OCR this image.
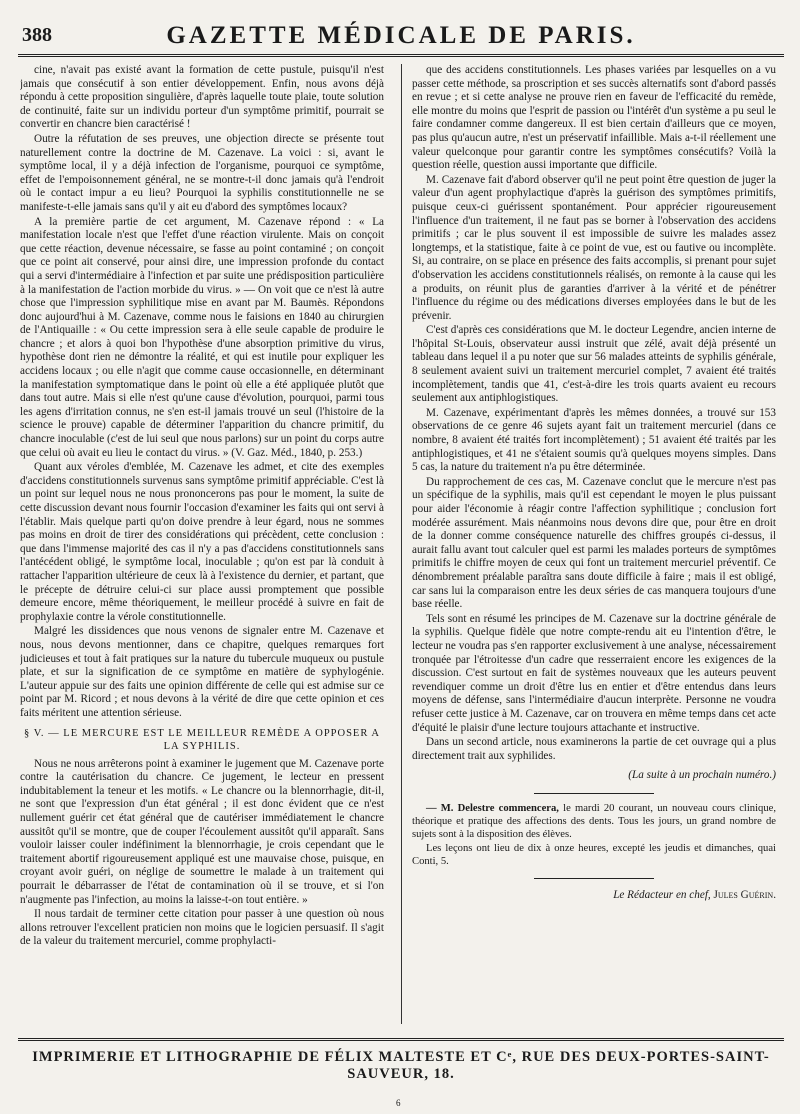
388	GAZETTE MÉDICALE DE PARIS.

cine, n'avait pas existé avant la formation de cette pustule, puisqu'il n'est jamais que consécutif à son entier développement. Enfin, nous avons déjà répondu à cette proposition singulière, d'après laquelle toute plaie, toute solution de continuité, faite sur un individu porteur d'un symptôme primitif, pourrait se convertir en chancre bien caractérisé !

Outre la réfutation de ses preuves, une objection directe se présente tout naturellement contre la doctrine de M. Cazenave. La voici : si, avant le symptôme local, il y a déjà infection de l'organisme, pourquoi ce symptôme, effet de l'empoisonnement général, ne se montre-t-il donc jamais qu'à l'endroit où le contact impur a eu lieu? Pourquoi la syphilis constitutionnelle ne se manifeste-t-elle jamais sans qu'il y ait eu d'abord des symptômes locaux?

A la première partie de cet argument, M. Cazenave répond : « La manifestation locale n'est que l'effet d'une réaction virulente. Mais on conçoit que cette réaction, devenue nécessaire, se fasse au point contaminé ; on conçoit que ce point ait conservé, pour ainsi dire, une impression profonde du contact qui a servi d'intermédiaire à l'infection et par suite une prédisposition particulière à la manifestation de l'action morbide du virus. » — On voit que ce n'est là autre chose que l'impression syphilitique mise en avant par M. Baumès. Répondons donc aujourd'hui à M. Cazenave, comme nous le faisions en 1840 au chirurgien de l'Antiquaille : « Ou cette impression sera à elle seule capable de produire le chancre ; et alors à quoi bon l'hypothèse d'une absorption primitive du virus, hypothèse dont rien ne démontre la réalité, et qui est inutile pour expliquer les accidens locaux ; ou elle n'agit que comme cause occasionnelle, en déterminant la manifestation symptomatique dans le point où elle a été appliquée plutôt que dans tout autre. Mais si elle n'est qu'une cause d'évolution, pourquoi, parmi tous les agens d'irritation connus, ne s'en est-il jamais trouvé un seul (l'histoire de la science le prouve) capable de déterminer l'apparition du chancre primitif, du chancre inoculable (c'est de lui seul que nous parlons) sur un point du corps autre que celui où avait eu lieu le contact du virus. » (V. Gaz. Méd., 1840, p. 253.)

Quant aux véroles d'emblée, M. Cazenave les admet, et cite des exemples d'accidens constitutionnels survenus sans symptôme primitif appréciable. C'est là un point sur lequel nous ne nous prononcerons pas pour le moment, la suite de cette discussion devant nous fournir l'occasion d'examiner les faits qui ont servi à l'établir. Mais quelque parti qu'on doive prendre à leur égard, nous ne sommes pas moins en droit de tirer des considérations qui précèdent, cette conclusion : que dans l'immense majorité des cas il n'y a pas d'accidens constitutionnels sans l'antécédent obligé, le symptôme local, inoculable ; qu'on est par là conduit à rattacher l'apparition ultérieure de ceux là à l'existence du dernier, et partant, que le précepte de détruire celui-ci sur place aussi promptement que possible demeure encore, même théoriquement, le meilleur procédé à suivre en fait de prophylaxie contre la vérole constitutionnelle.

Malgré les dissidences que nous venons de signaler entre M. Cazenave et nous, nous devons mentionner, dans ce chapitre, quelques remarques fort judicieuses et tout à fait pratiques sur la nature du tubercule muqueux ou pustule plate, et sur la signification de ce symptôme en matière de syphylogénie. L'auteur appuie sur des faits une opinion différente de celle qui est admise sur ce point par M. Ricord ; et nous devons à la vérité de dire que cette opinion et ces faits méritent une attention sérieuse.

§ V. — LE MERCURE EST LE MEILLEUR REMÈDE A OPPOSER A LA SYPHILIS.

Nous ne nous arrêterons point à examiner le jugement que M. Cazenave porte contre la cautérisation du chancre. Ce jugement, le lecteur en pressent indubitablement la teneur et les motifs. « Le chancre ou la blennorrhagie, dit-il, ne sont que l'expression d'un état général ; il est donc évident que ce n'est nullement guérir cet état général que de cautériser immédiatement le chancre aussitôt qu'il se montre, que de couper l'écoulement aussitôt qu'il apparaît. Sans vouloir laisser couler indéfiniment la blennorrhagie, je crois cependant que le traitement abortif rigoureusement appliqué est une mauvaise chose, puisque, en croyant avoir guéri, on néglige de soumettre le malade à un traitement qui pourrait le débarrasser de l'état de contamination où il se trouve, et si l'on n'augmente pas l'infection, au moins la laisse-t-on tout entière. »

Il nous tardait de terminer cette citation pour passer à une question où nous allons retrouver l'excellent praticien non moins que le logicien persuasif. Il s'agit de la valeur du traitement mercuriel, comme prophylacti-

que des accidens constitutionnels. Les phases variées par lesquelles on a vu passer cette méthode, sa proscription et ses succès alternatifs sont d'abord passés en revue ; et si cette analyse ne prouve rien en faveur de l'efficacité du remède, elle montre du moins que l'esprit de passion ou l'intérêt d'un système a pu seul le faire condamner comme dangereux. Il est bien certain d'ailleurs que ce moyen, pas plus qu'aucun autre, n'est un préservatif infaillible. Mais a-t-il réellement une valeur quelconque pour garantir contre les symptômes consécutifs? Voilà la question réelle, question aussi importante que difficile.

M. Cazenave fait d'abord observer qu'il ne peut point être question de juger la valeur d'un agent prophylactique d'après la guérison des symptômes primitifs, puisque ceux-ci guérissent spontanément. Pour apprécier rigoureusement l'influence d'un traitement, il ne faut pas se borner à l'observation des accidens primitifs ; car le plus souvent il est impossible de suivre les malades assez longtemps, et la statistique, faite à ce point de vue, est ou fautive ou incomplète. Si, au contraire, on se place en présence des faits accomplis, si prenant pour sujet d'observation les accidens constitutionnels réalisés, on remonte à la cause qui les a produits, on réunit plus de garanties d'arriver à la vérité et de pénétrer l'influence du régime ou des médications diverses employées dans le but de les prévenir.

C'est d'après ces considérations que M. le docteur Legendre, ancien interne de l'hôpital St-Louis, observateur aussi instruit que zélé, avait déjà présenté un tableau dans lequel il a pu noter que sur 56 malades atteints de syphilis générale, 8 seulement avaient suivi un traitement mercuriel complet, 7 avaient été traités incomplètement, tandis que 41, c'est-à-dire les trois quarts avaient eu recours seulement aux antiphlogistiques.

M. Cazenave, expérimentant d'après les mêmes données, a trouvé sur 153 observations de ce genre 46 sujets ayant fait un traitement mercuriel (dans ce nombre, 8 avaient été traités fort incomplètement) ; 51 avaient été traités par les antiphlogistiques, et 41 ne s'étaient soumis qu'à quelques moyens simples. Dans 5 cas, la nature du traitement n'a pu être déterminée.

Du rapprochement de ces cas, M. Cazenave conclut que le mercure n'est pas un spécifique de la syphilis, mais qu'il est cependant le moyen le plus puissant pour aider l'économie à réagir contre l'affection syphilitique ; conclusion fort modérée assurément. Mais néanmoins nous devons dire que, pour être en droit de la donner comme conséquence naturelle des chiffres groupés ci-dessus, il aurait fallu avant tout calculer quel est parmi les malades porteurs de symptômes primitifs le chiffre moyen de ceux qui font un traitement mercuriel préventif. Ce dénombrement préalable paraîtra sans doute difficile à faire ; mais il est obligé, car sans lui la comparaison entre les deux séries de cas manquera toujours d'une base réelle.

Tels sont en résumé les principes de M. Cazenave sur la doctrine générale de la syphilis. Quelque fidèle que notre compte-rendu ait eu l'intention d'être, le lecteur ne voudra pas s'en rapporter exclusivement à une analyse, nécessairement tronquée par l'étroitesse d'un cadre que resserraient encore les exigences de la discussion. C'est surtout en fait de systèmes nouveaux que les auteurs peuvent revendiquer comme un droit d'être lus en entier et d'être entendus dans leurs moyens de défense, sans l'intermédiaire d'aucun interprète. Personne ne voudra refuser cette justice à M. Cazenave, car on trouvera en même temps dans cet acte d'équité le plaisir d'une lecture toujours attachante et instructive.

Dans un second article, nous examinerons la partie de cet ouvrage qui a plus directement trait aux syphilides.

(La suite à un prochain numéro.)

— M. Delestre commencera, le mardi 20 courant, un nouveau cours clinique, théorique et pratique des affections des dents. Tous les jours, un grand nombre de sujets sont à la disposition des élèves.

Les leçons ont lieu de dix à onze heures, excepté les jeudis et dimanches, quai Conti, 5.

Le Rédacteur en chef, Jules Guérin.

IMPRIMERIE ET LITHOGRAPHIE DE FÉLIX MALTESTE ET Cᵉ, RUE DES DEUX-PORTES-SAINT-SAUVEUR, 18.
6
